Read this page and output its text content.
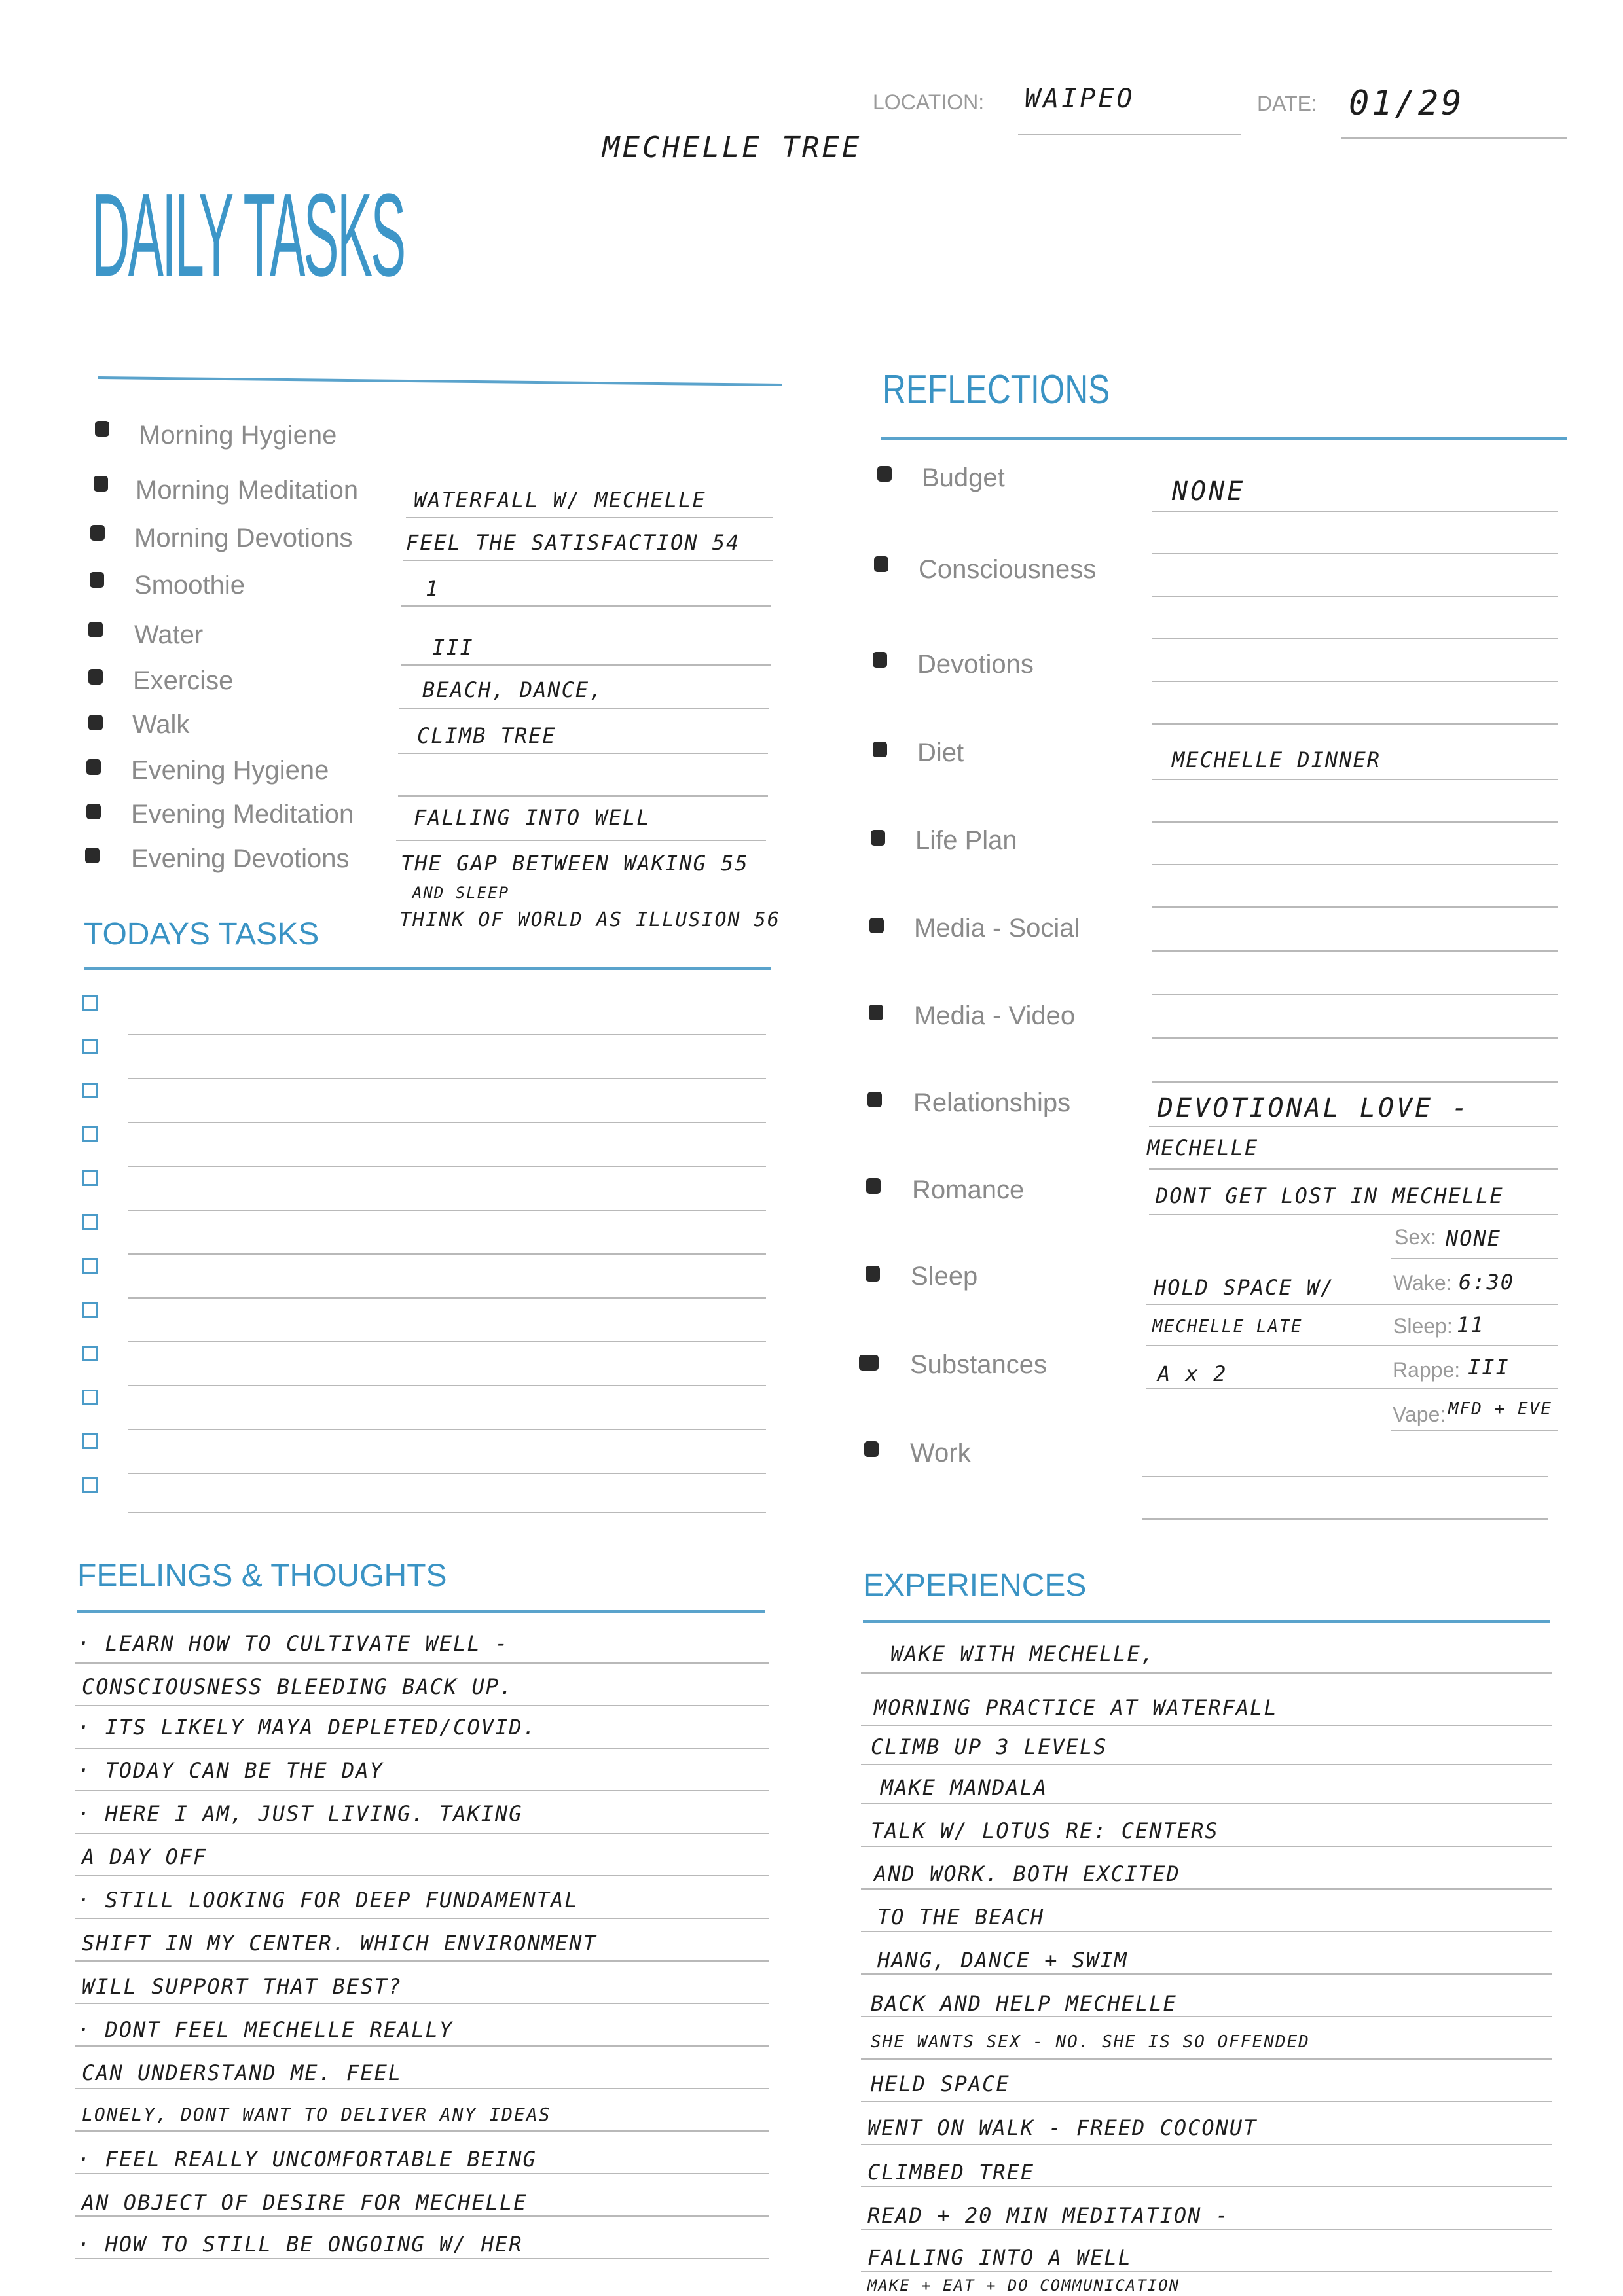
LOCATION: WAIPEO	DATE: 01/29
MECHELLE TREE
DAILY TASKS
Morning Hygiene
Morning Meditation	WATERFALL W/ MECHELLE
Morning Devotions	FEEL THE SATISFACTION 54
Smoothie	1
Water	III
Exercise	BEACH, DANCE,
Walk	CLIMB TREE
Evening Hygiene
Evening Meditation	FALLING INTO WELL
Evening Devotions THE GAP BETWEEN WAKING 55
AND SLEEP
THINK OF WORLD AS ILLUSION 56
TODAYS TASKS
REFLECTIONS
Budget	NONE
Consciousness
Devotions
Diet	MECHELLE DINNER
Life Plan
Media - Social
Media - Video
Relationships	DEVOTIONAL LOVE -
MECHELLE
Romance	DONT GET LOST IN MECHELLE
Sleep	HOLD SPACE W/
MECHELLE LATE
Substances	A x 2
Work
Sex: NONE
Wake: 6:30
Sleep: 11
Rappe: III
Vape: MFD + EVE
FEELINGS & THOUGHTS
· LEARN HOW TO CULTIVATE WELL -
CONSCIOUSNESS BLEEDING BACK UP.
· ITS LIKELY MAYA DEPLETED/COVID.
· TODAY CAN BE THE DAY
· HERE I AM, JUST LIVING. TAKING
A DAY OFF
· STILL LOOKING FOR DEEP FUNDAMENTAL
SHIFT IN MY CENTER. WHICH ENVIRONMENT
WILL SUPPORT THAT BEST?
· DONT FEEL MECHELLE REALLY
CAN UNDERSTAND ME. FEEL
LONELY, DONT WANT TO DELIVER ANY IDEAS
· FEEL REALLY UNCOMFORTABLE BEING
AN OBJECT OF DESIRE FOR MECHELLE
· HOW TO STILL BE ONGOING W/ HER
EXPERIENCES
WAKE WITH MECHELLE,
MORNING PRACTICE AT WATERFALL
CLIMB UP 3 LEVELS
MAKE MANDALA
TALK W/ LOTUS RE: CENTERS
AND WORK. BOTH EXCITED
TO THE BEACH
HANG, DANCE + SWIM
BACK AND HELP MECHELLE
SHE WANTS SEX - NO. SHE IS SO OFFENDED
HELD SPACE
WENT ON WALK - FREED COCONUT
CLIMBED TREE
READ + 20 MIN MEDITATION -
FALLING INTO A WELL
MAKE + EAT + DO COMMUNICATION
